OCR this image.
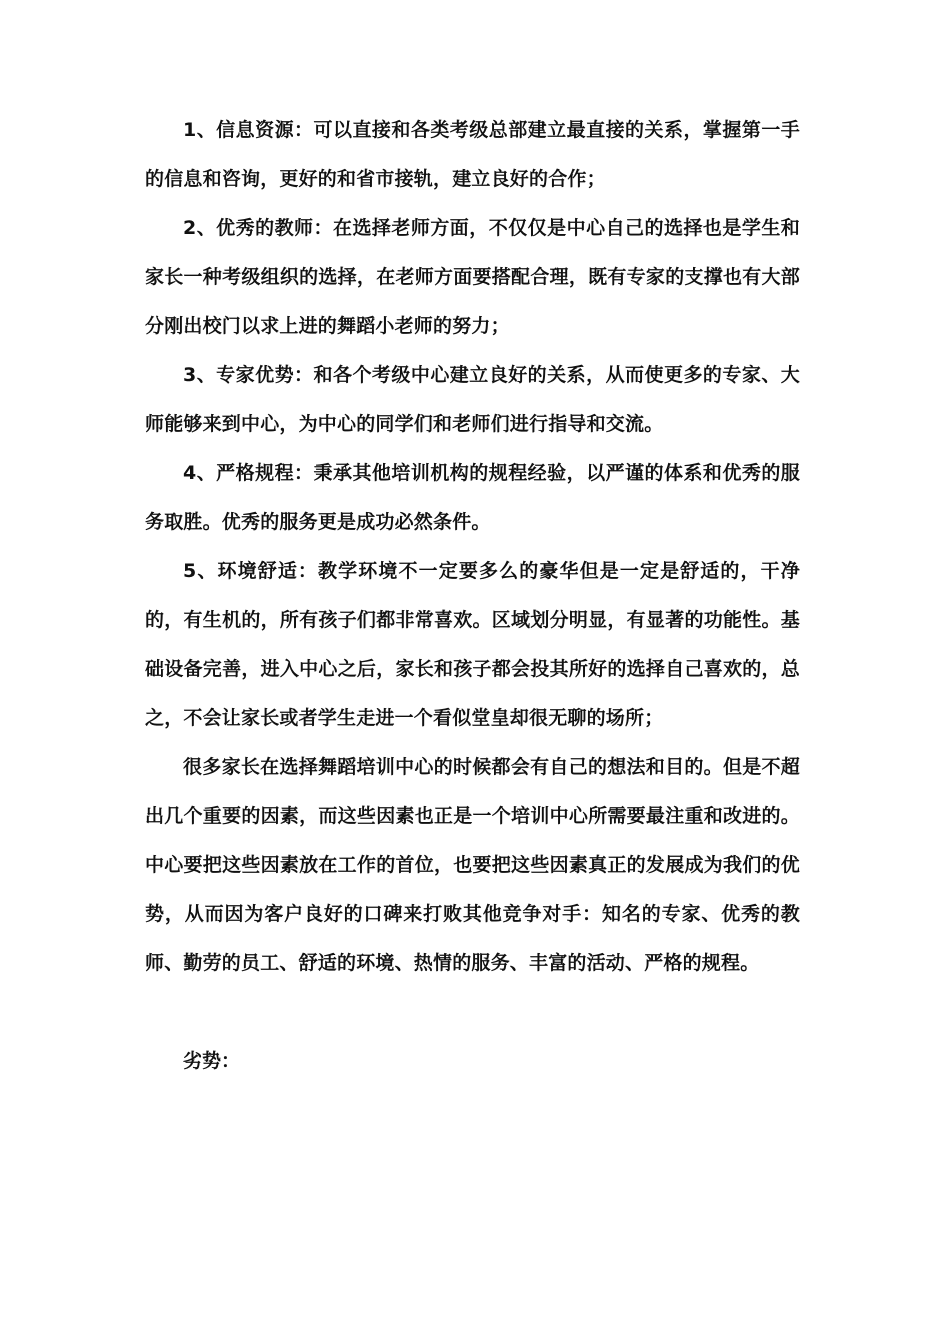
1、信息资源：可以直接和各类考级总部建立最直接的关系，掌握第一手的信息和咨询，更好的和省市接轨，建立良好的合作；

2、优秀的教师：在选择老师方面，不仅仅是中心自己的选择也是学生和家长一种考级组织的选择，在老师方面要搭配合理，既有专家的支撑也有大部分刚出校门以求上进的舞蹈小老师的努力；

3、专家优势：和各个考级中心建立良好的关系，从而使更多的专家、大师能够来到中心，为中心的同学们和老师们进行指导和交流。

4、严格规程：秉承其他培训机构的规程经验，以严谨的体系和优秀的服务取胜。优秀的服务更是成功必然条件。

5、环境舒适：教学环境不一定要多么的豪华但是一定是舒适的，干净的，有生机的，所有孩子们都非常喜欢。区域划分明显，有显著的功能性。基础设备完善，进入中心之后，家长和孩子都会投其所好的选择自己喜欢的，总之，不会让家长或者学生走进一个看似堂皇却很无聊的场所；

很多家长在选择舞蹈培训中心的时候都会有自己的想法和目的。但是不超出几个重要的因素，而这些因素也正是一个培训中心所需要最注重和改进的。中心要把这些因素放在工作的首位，也要把这些因素真正的发展成为我们的优势，从而因为客户良好的口碑来打败其他竞争对手：知名的专家、优秀的教师、勤劳的员工、舒适的环境、热情的服务、丰富的活动、严格的规程。

劣势：
